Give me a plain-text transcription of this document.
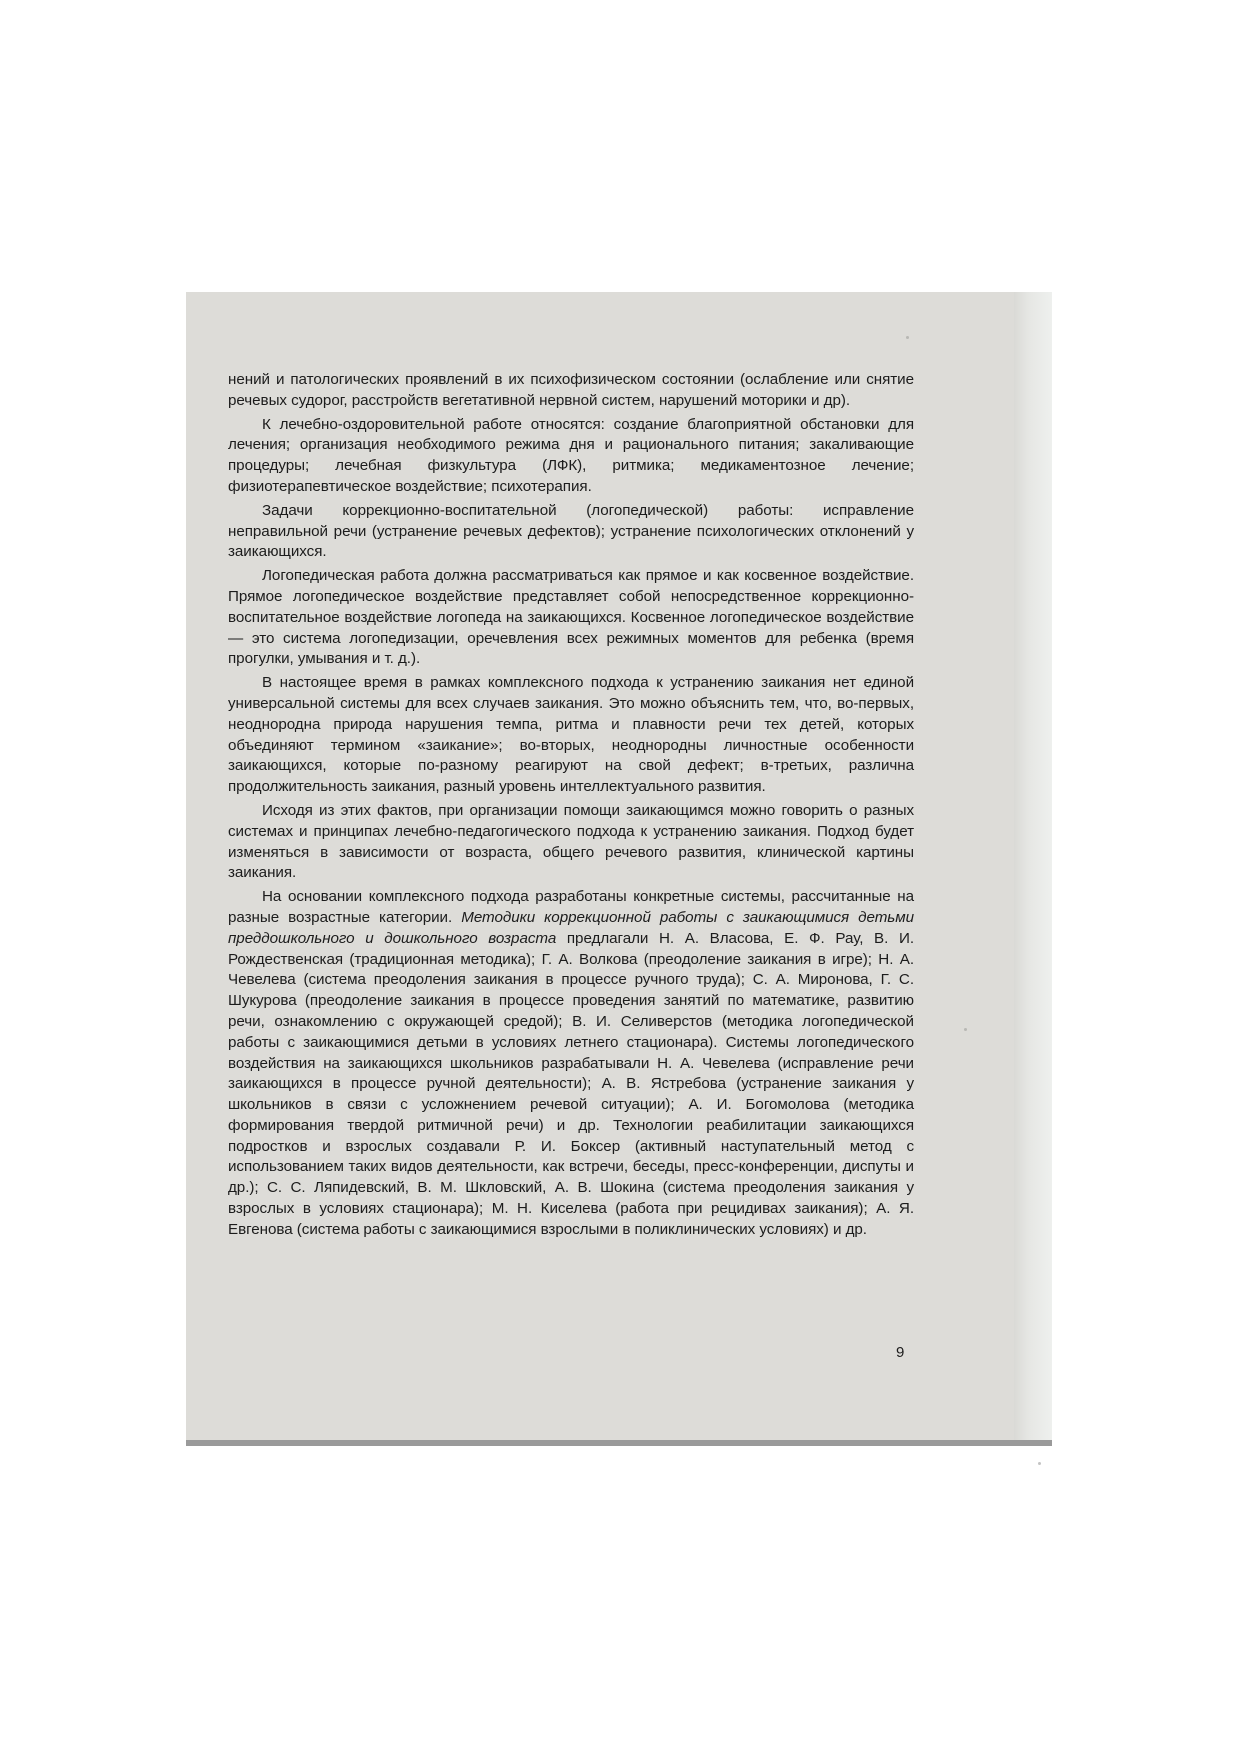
нений и патологических проявлений в их психофизическом состоянии (ослабление или снятие речевых судорог, расстройств вегетативной нервной систем, нарушений моторики и др).

К лечебно-оздоровительной работе относятся: создание благоприятной обстановки для лечения; организация необходимого режима дня и рационального питания; закаливающие процедуры; лечебная физкультура (ЛФК), ритмика; медикаментозное лечение; физиотерапевтическое воздействие; психотерапия.

Задачи коррекционно-воспитательной (логопедической) работы: исправление неправильной речи (устранение речевых дефектов); устранение психологических отклонений у заикающихся.

Логопедическая работа должна рассматриваться как прямое и как косвенное воздействие. Прямое логопедическое воздействие представляет собой непосредственное коррекционно-воспитательное воздействие логопеда на заикающихся. Косвенное логопедическое воздействие — это система логопедизации, оречевления всех режимных моментов для ребенка (время прогулки, умывания и т. д.).

В настоящее время в рамках комплексного подхода к устранению заикания нет единой универсальной системы для всех случаев заикания. Это можно объяснить тем, что, во-первых, неоднородна природа нарушения темпа, ритма и плавности речи тех детей, которых объединяют термином «заикание»; во-вторых, неоднородны личностные особенности заикающихся, которые по-разному реагируют на свой дефект; в-третьих, различна продолжительность заикания, разный уровень интеллектуального развития.

Исходя из этих фактов, при организации помощи заикающимся можно говорить о разных системах и принципах лечебно-педагогического подхода к устранению заикания. Подход будет изменяться в зависимости от возраста, общего речевого развития, клинической картины заикания.

На основании комплексного подхода разработаны конкретные системы, рассчитанные на разные возрастные категории. Методики коррекционной работы с заикающимися детьми преддошкольного и дошкольного возраста предлагали Н. А. Власова, Е. Ф. Рау, В. И. Рождественская (традиционная методика); Г. А. Волкова (преодоление заикания в игре); Н. А. Чевелева (система преодоления заикания в процессе ручного труда); С. А. Миронова, Г. С. Шукурова (преодоление заикания в процессе проведения занятий по математике, развитию речи, ознакомлению с окружающей средой); В. И. Селиверстов (методика логопедической работы с заикающимися детьми в условиях летнего стационара). Системы логопедического воздействия на заикающихся школьников разрабатывали Н. А. Чевелева (исправление речи заикающихся в процессе ручной деятельности); А. В. Ястребова (устранение заикания у школьников в связи с усложнением речевой ситуации); А. И. Богомолова (методика формирования твердой ритмичной речи) и др. Технологии реабилитации заикающихся подростков и взрослых создавали Р. И. Боксер (активный наступательный метод с использованием таких видов деятельности, как встречи, беседы, пресс-конференции, диспуты и др.); С. С. Ляпидевский, В. М. Шкловский, А. В. Шокина (система преодоления заикания у взрослых в условиях стационара); М. Н. Киселева (работа при рецидивах заикания); А. Я. Евгенова (система работы с заикающимися взрослыми в поликлинических условиях) и др.

9
